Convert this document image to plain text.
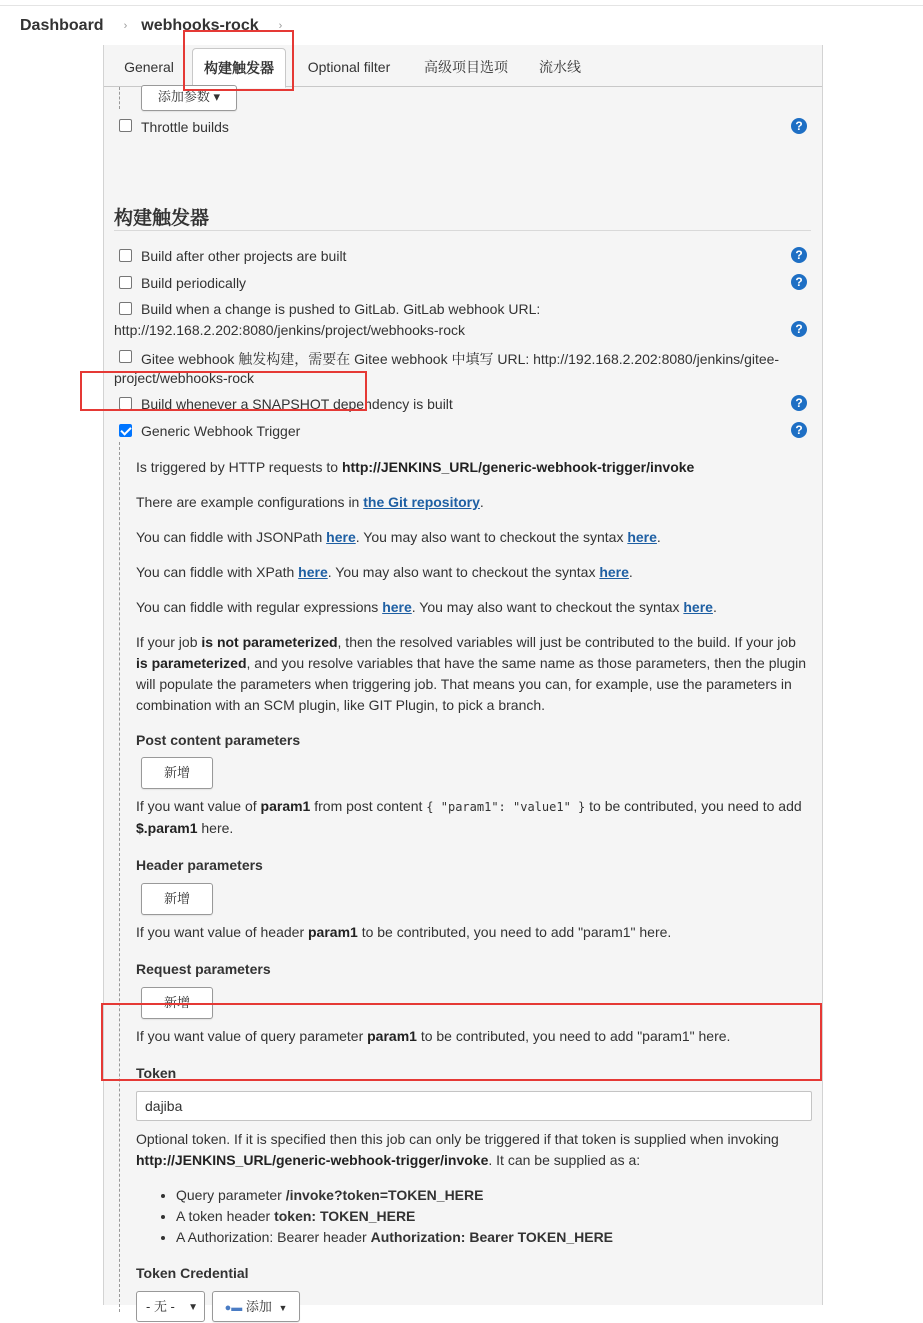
Dashboard › webhooks-rock ›
General	构建触发器	Optional filter	高级项目选项	流水线
添加参数 ▾
Throttle builds	?
构建触发器
Build after other projects are built	?
Build periodically	?
Build when a change is pushed to GitLab. GitLab webhook URL:
http://192.168.2.202:8080/jenkins/project/webhooks-rock	?
Gitee webhook 触发构建，需要在 Gitee webhook 中填写 URL: http://192.168.2.202:8080/jenkins/gitee-
project/webhooks-rock
Build whenever a SNAPSHOT dependency is built	?
Generic Webhook Trigger	?
Is triggered by HTTP requests to http://JENKINS_URL/generic-webhook-trigger/invoke
There are example configurations in the Git repository.
You can fiddle with JSONPath here. You may also want to checkout the syntax here.
You can fiddle with XPath here. You may also want to checkout the syntax here.
You can fiddle with regular expressions here. You may also want to checkout the syntax here.
If your job is not parameterized, then the resolved variables will just be contributed to the build. If your job is parameterized, and you resolve variables that have the same name as those parameters, then the plugin will populate the parameters when triggering job. That means you can, for example, use the parameters in combination with an SCM plugin, like GIT Plugin, to pick a branch.
Post content parameters
新增
If you want value of param1 from post content { "param1": "value1" } to be contributed, you need to add $.param1 here.
Header parameters
新增
If you want value of header param1 to be contributed, you need to add "param1" here.
Request parameters
新增
If you want value of query parameter param1 to be contributed, you need to add "param1" here.
Token
dajiba
Optional token. If it is specified then this job can only be triggered if that token is supplied when invoking http://JENKINS_URL/generic-webhook-trigger/invoke. It can be supplied as a:
• Query parameter /invoke?token=TOKEN_HERE
• A token header token: TOKEN_HERE
• A Authorization: Bearer header Authorization: Bearer TOKEN_HERE
Token Credential
- 无 - ▼	●▬ 添加 ▼
